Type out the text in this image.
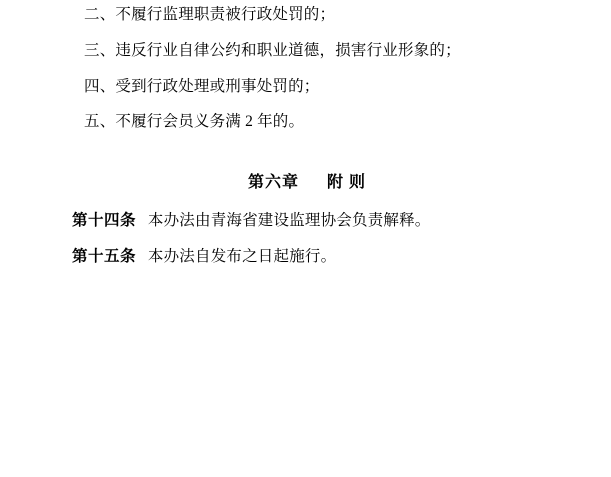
二、不履行监理职责被行政处罚的；
三、违反行业自律公约和职业道德，损害行业形象的；
四、受到行政处理或刑事处罚的；
五、不履行会员义务满 2 年的。
第六章 附 则
第十四条 本办法由青海省建设监理协会负责解释。
第十五条 本办法自发布之日起施行。
